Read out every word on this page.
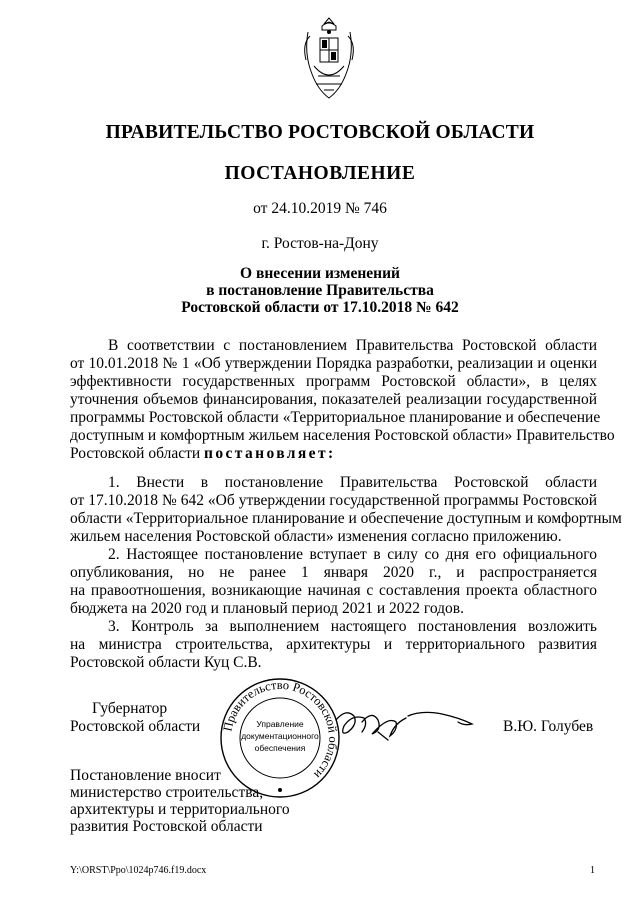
ПРАВИТЕЛЬСТВО РОСТОВСКОЙ ОБЛАСТИ
ПОСТАНОВЛЕНИЕ
от 24.10.2019 № 746
г. Ростов-на-Дону
О внесении изменений
в постановление Правительства
Ростовской области от 17.10.2018 № 642
В соответствии с постановлением Правительства Ростовской области
от 10.01.2018 № 1 «Об утверждении Порядка разработки, реализации и оценки
эффективности государственных программ Ростовской области», в целях
уточнения объемов финансирования, показателей реализации государственной
программы Ростовской области «Территориальное планирование и обеспечение
доступным и комфортным жильем населения Ростовской области» Правительство
Ростовской области постановляет:
1. Внести в постановление Правительства Ростовской области
от 17.10.2018 № 642 «Об утверждении государственной программы Ростовской
области «Территориальное планирование и обеспечение доступным и комфортным
жильем населения Ростовской области» изменения согласно приложению.
2. Настоящее постановление вступает в силу со дня его официального
опубликования, но не ранее 1 января 2020 г., и распространяется
на правоотношения, возникающие начиная с составления проекта областного
бюджета на 2020 год и плановый период 2021 и 2022 годов.
3. Контроль за выполнением настоящего постановления возложить
на министра строительства, архитектуры и территориального развития
Ростовской области Куц С.В.
Губернатор
Ростовской области Правительство Ростовской области
Управление
документационного
обеспечения
В.Ю. Голубев
Постановление вносит
министерство строительства,
архитектуры и территориального
развития Ростовской области
Y:\ORST\Ppo\1024p746.f19.docx	1
